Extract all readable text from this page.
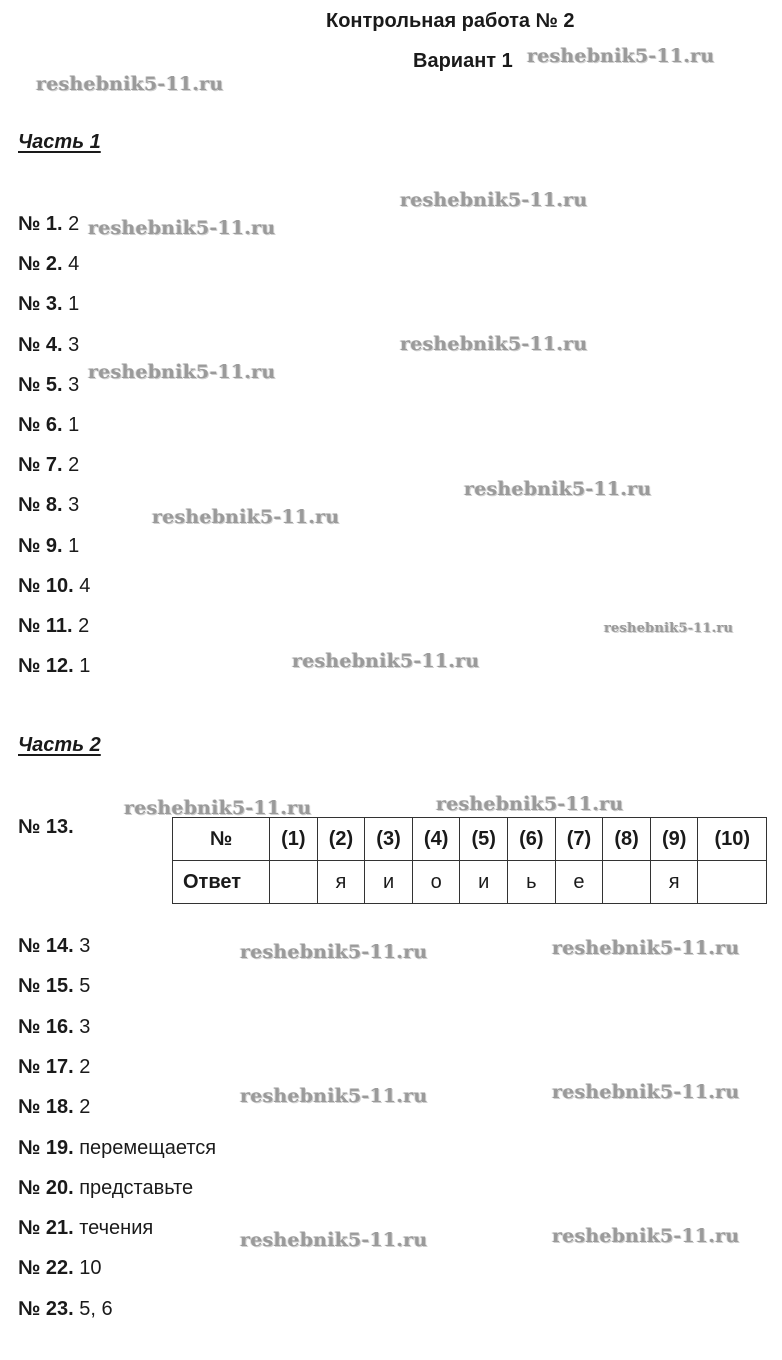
Контрольная работа № 2
Вариант 1
Часть 1
№ 1. 2
№ 2. 4
№ 3. 1
№ 4. 3
№ 5. 3
№ 6. 1
№ 7. 2
№ 8. 3
№ 9. 1
№ 10. 4
№ 11. 2
№ 12. 1
Часть 2
№ 13.
№	(1)	(2)	(3)	(4)	(5)	(6)	(7)	(8)	(9)	(10)
Ответ		я	и	о	и	ь	е		я	
№ 14. 3
№ 15. 5
№ 16. 3
№ 17. 2
№ 18. 2
№ 19. перемещается
№ 20. представьте
№ 21. течения
№ 22. 10
№ 23. 5, 6
reshebnik5-11.ru
reshebnik5-11.ru
reshebnik5-11.ru
reshebnik5-11.ru
reshebnik5-11.ru
reshebnik5-11.ru
reshebnik5-11.ru
reshebnik5-11.ru
reshebnik5-11.ru
reshebnik5-11.ru
reshebnik5-11.ru	reshebnik5-11.ru
reshebnik5-11.ru	reshebnik5-11.ru
reshebnik5-11.ru	reshebnik5-11.ru
reshebnik5-11.ru	reshebnik5-11.ru
